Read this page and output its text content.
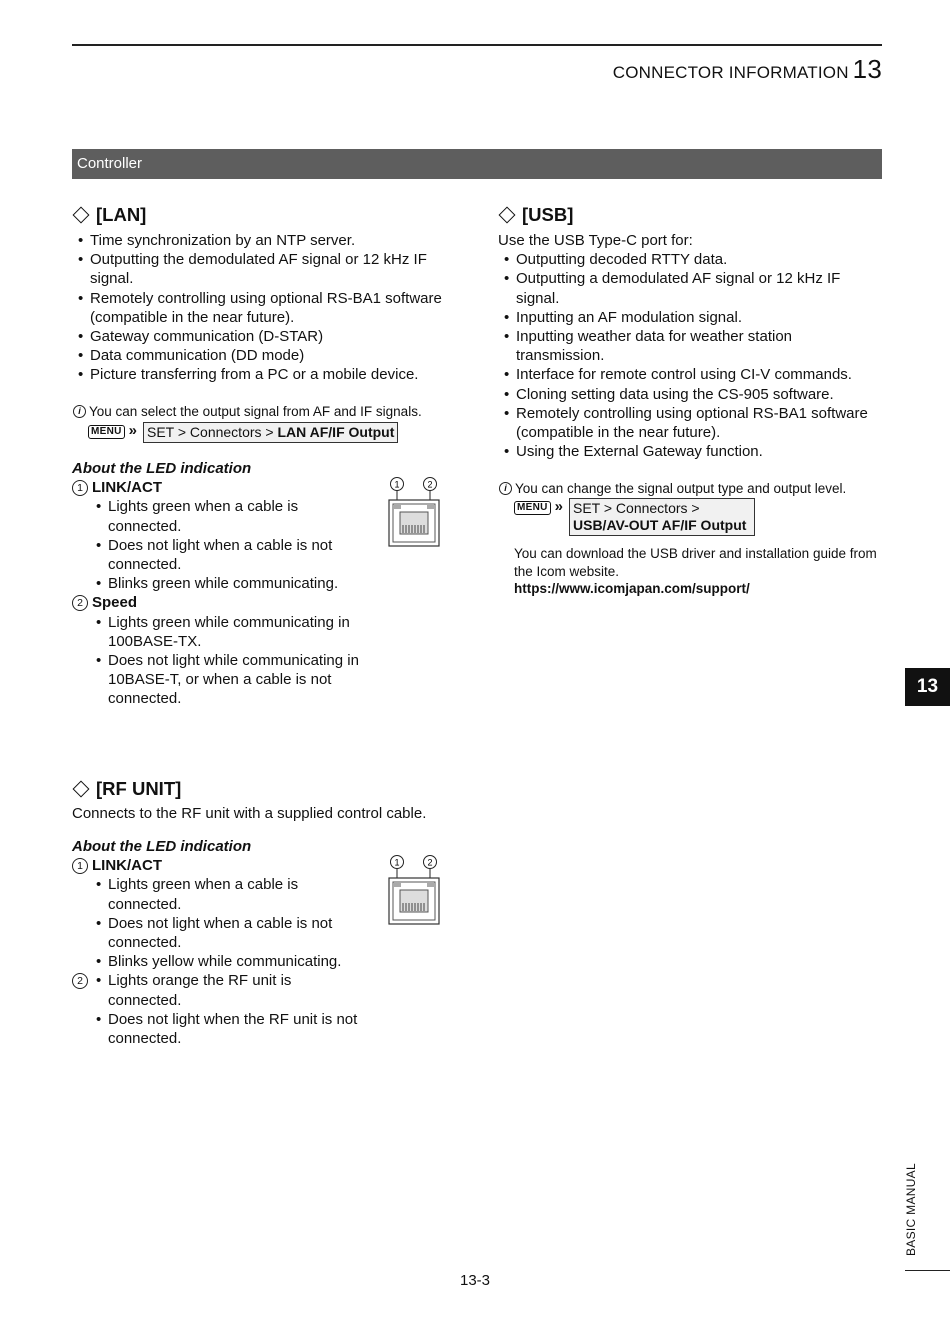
CONNECTOR INFORMATION 13
Controller
[LAN]
• Time synchronization by an NTP server.
• Outputting the demodulated AF signal or 12 kHz IF signal.
• Remotely controlling using optional RS-BA1 software (compatible in the near future).
• Gateway communication (D-STAR)
• Data communication (DD mode)
• Picture transferring from a PC or a mobile device.
i You can select the output signal from AF and IF signals.
MENU » SET > Connectors > LAN AF/IF Output
About the LED indication
1 LINK/ACT
• Lights green when a cable is connected.
• Does not light when a cable is not connected.
• Blinks green while communicating.
2 Speed
• Lights green while communicating in 100BASE-TX.
• Does not light while communicating in 10BASE-T, or when a cable is not connected.
1	2
[USB]
Use the USB Type-C port for:
• Outputting decoded RTTY data.
• Outputting a demodulated AF signal or 12 kHz IF signal.
• Inputting an AF modulation signal.
• Inputting weather data for weather station transmission.
• Interface for remote control using CI-V commands.
• Cloning setting data using the CS-905 software.
• Remotely controlling using optional RS-BA1 software (compatible in the near future).
• Using the External Gateway function.
i You can change the signal output type and output level.
MENU » SET > Connectors >
USB/AV-OUT AF/IF Output
You can download the USB driver and installation guide from the Icom website.
https://www.icomjapan.com/support/
[RF UNIT]
Connects to the RF unit with a supplied control cable.
About the LED indication
1 LINK/ACT
• Lights green when a cable is connected.
• Does not light when a cable is not connected.
• Blinks yellow while communicating.
2
•	Lights orange the RF unit is connected.
• Does not light when the RF unit is not connected.
1	2
13
BASIC MANUAL
13-3
